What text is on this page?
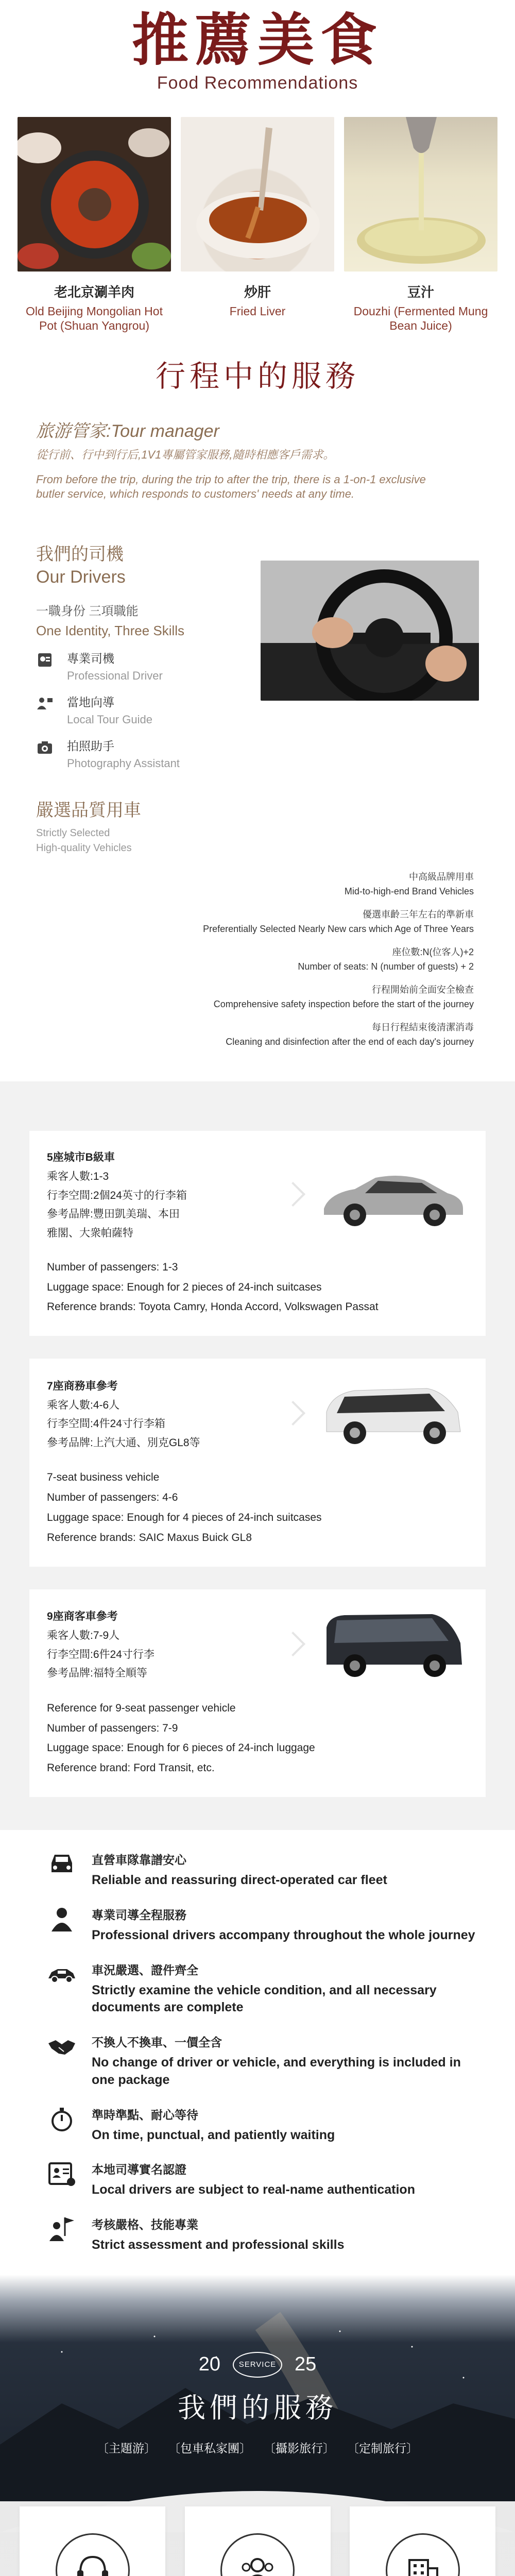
推薦美食
Food Recommendations
老北京涮羊肉
Old Beijing Mongolian Hot Pot (Shuan Yangrou)
炒肝
Fried Liver
豆汁
Douzhi (Fermented Mung Bean Juice)
行程中的服務
旅游管家:Tour manager
從行前、行中到行后,1V1專屬管家服務,隨時相應客戶需求。
From before the trip, during the trip to after the trip, there is a 1-on-1 exclusive butler service, which responds to customers' needs at any time.
我們的司機
Our Drivers
一職身份 三項職能
One Identity, Three Skills
專業司機
Professional Driver
當地向導
Local Tour Guide
拍照助手
Photography Assistant
嚴選品質用車
Strictly Selected
High-quality Vehicles
中高級品牌用車
Mid-to-high-end Brand Vehicles
優選車齡三年左右的準新車
Preferentially Selected Nearly New cars which Age of Three Years
座位數:N(位客人)+2
Number of seats: N (number of guests) + 2
行程開始前全面安全檢查
Comprehensive safety inspection before the start of the journey
每日行程結束後清潔消毒
Cleaning and disinfection after the end of each day's journey
5座城市B級車
乘客人數:1-3
行李空間:2個24英寸的行李箱
參考品牌:豐田凱美瑞、本田
雅閣、大衆帕薩特
Number of passengers: 1-3
Luggage space: Enough for 2 pieces of 24-inch suitcases
Reference brands: Toyota Camry, Honda Accord, Volkswagen Passat
7座商務車參考
乘客人數:4-6人
行李空間:4件24寸行李箱
參考品牌:上汽大通、別克GL8等
7-seat business vehicle
Number of passengers: 4-6
Luggage space: Enough for 4 pieces of 24-inch suitcases
Reference brands: SAIC Maxus Buick GL8
9座商客車參考
乘客人數:7-9人
行李空間:6件24寸行李
參考品牌:福特全順等
Reference for 9-seat passenger vehicle
Number of passengers: 7-9
Luggage space: Enough for 6 pieces of 24-inch luggage
Reference brand: Ford Transit, etc.
直營車隊靠譜安心
Reliable and reassuring direct-operated car fleet
專業司導全程服務
Professional drivers accompany throughout the whole journey
車況嚴選、證件齊全
Strictly examine the vehicle condition, and all necessary documents are complete
不換人不換車、一價全含
No change of driver or vehicle, and everything is included in one package
準時準點、耐心等待
On time, punctual, and patiently waiting
本地司導實名認證
Local drivers are subject to real-name authentication
考核嚴格、技能專業
Strict assessment and professional skills
20	SERVICE 25
我們的服務
〔主題游〕 〔包車私家團〕 〔攝影旅行〕 〔定制旅行〕
